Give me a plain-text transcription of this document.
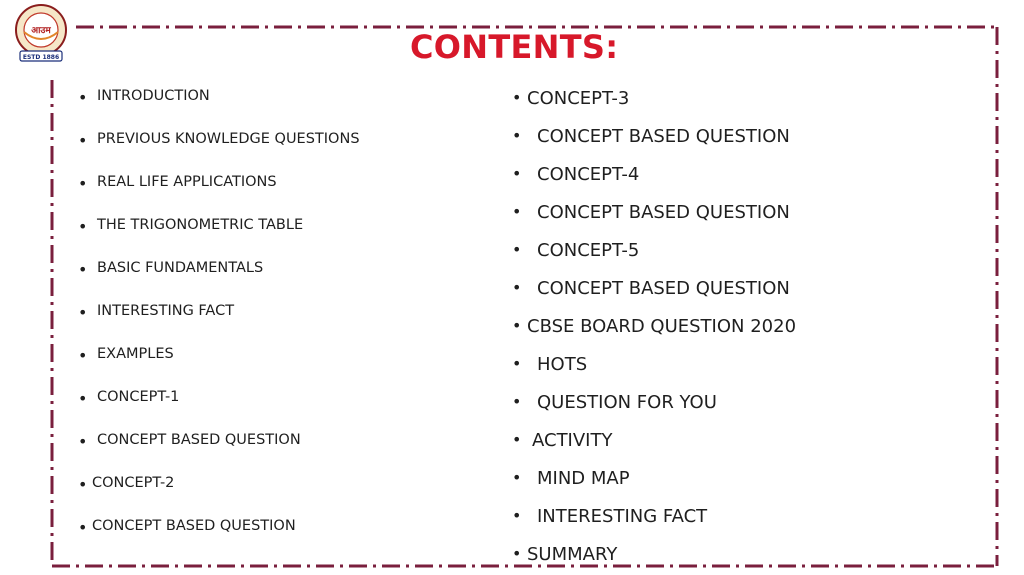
आउम
ESTD 1886	CONTENTS:
• INTRODUCTION
• PREVIOUS KNOWLEDGE QUESTIONS
• REAL LIFE APPLICATIONS
• THE TRIGONOMETRIC TABLE
• BASIC FUNDAMENTALS
• INTERESTING FACT
• EXAMPLES
• CONCEPT-1
• CONCEPT BASED QUESTION
• CONCEPT-2
• CONCEPT BASED QUESTION
• CONCEPT-3
• CONCEPT BASED QUESTION
• CONCEPT-4
• CONCEPT BASED QUESTION
• CONCEPT-5
• CONCEPT BASED QUESTION
• CBSE BOARD QUESTION 2020
• HOTS
• QUESTION FOR YOU
• ACTIVITY
• MIND MAP
• INTERESTING FACT
• SUMMARY
